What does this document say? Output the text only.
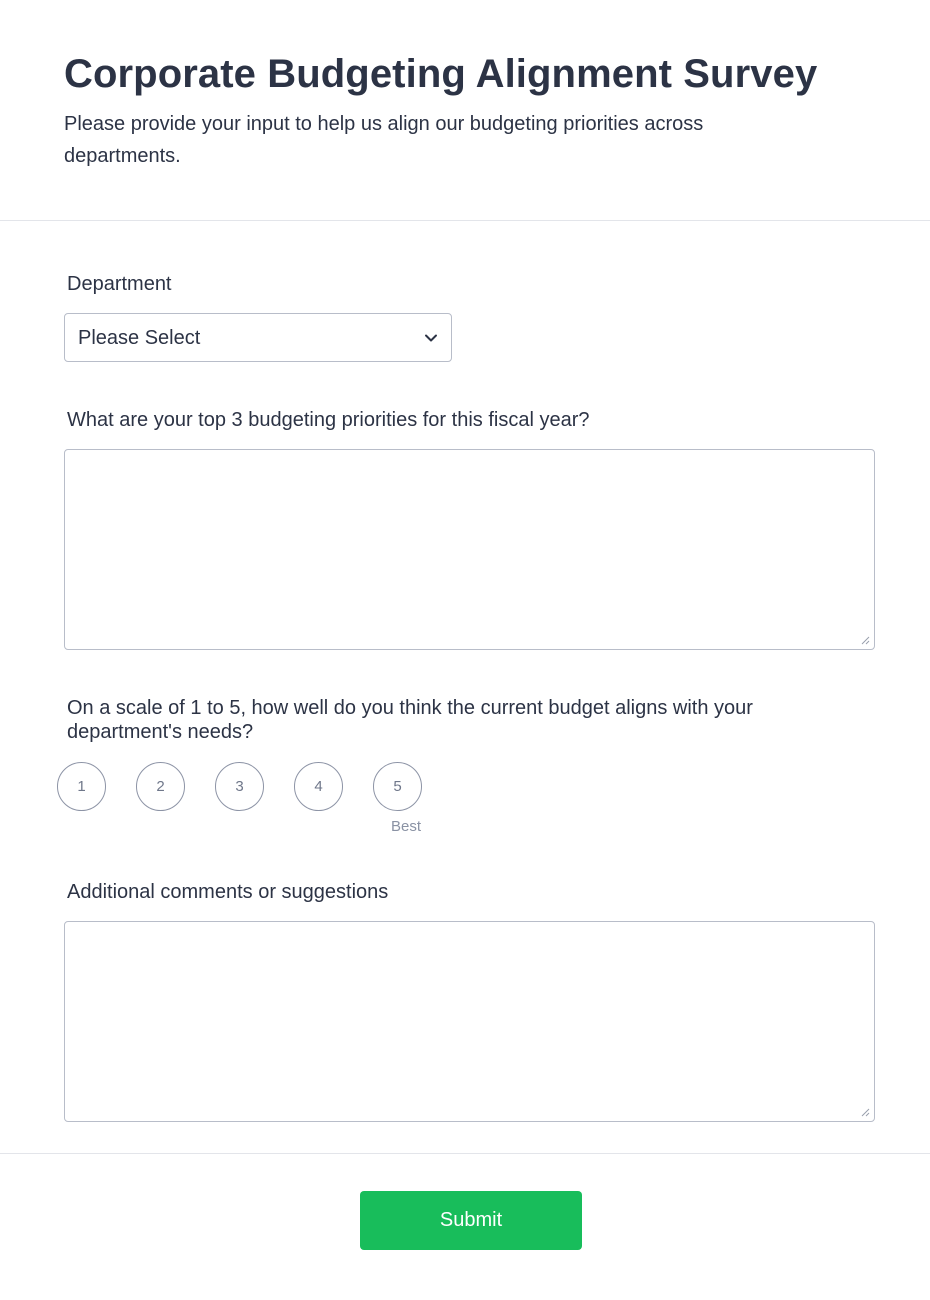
Corporate Budgeting Alignment Survey

Please provide your input to help us align our budgeting priorities across departments.

Department
Please Select
What are your top 3 budgeting priorities for this fiscal year?
On a scale of 1 to 5, how well do you think the current budget aligns with your department's needs?
1	2	3	4	5
Best
Additional comments or suggestions
Submit
